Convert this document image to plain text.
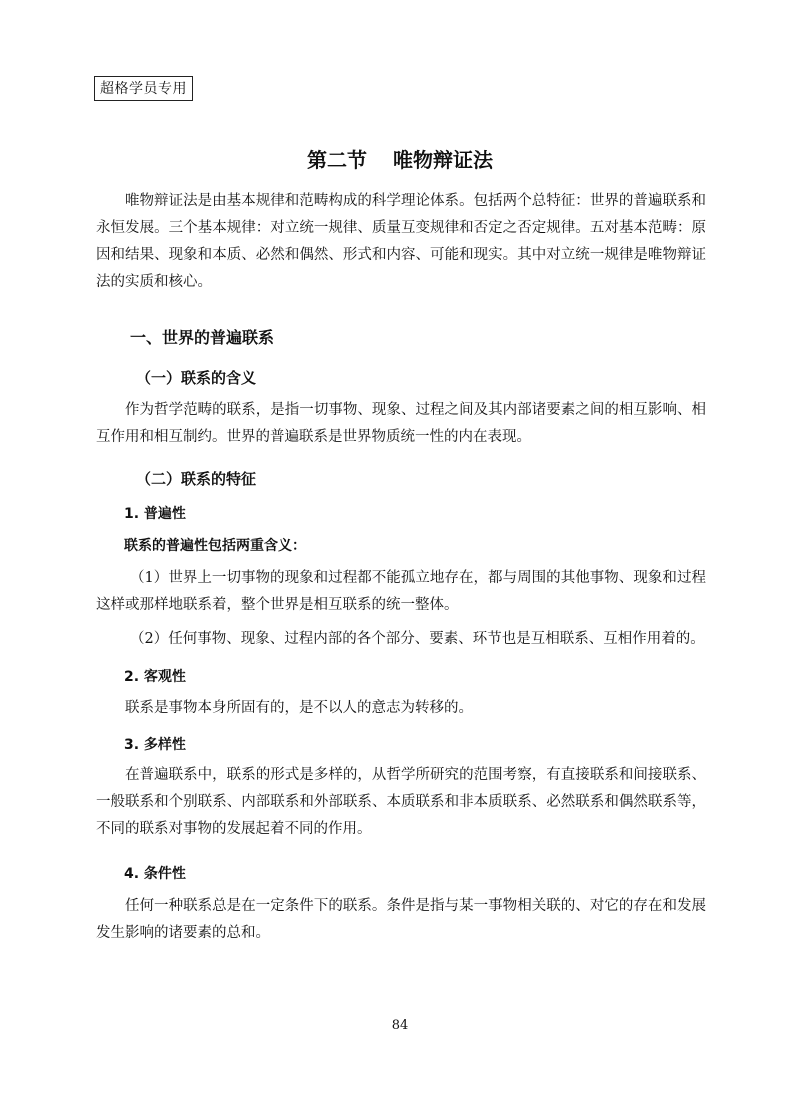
超格学员专用
第二节 唯物辩证法

唯物辩证法是由基本规律和范畴构成的科学理论体系。包括两个总特征：世界的普遍联系和永恒发展。三个基本规律：对立统一规律、质量互变规律和否定之否定规律。五对基本范畴：原因和结果、现象和本质、必然和偶然、形式和内容、可能和现实。其中对立统一规律是唯物辩证法的实质和核心。

一、世界的普遍联系
（一）联系的含义

作为哲学范畴的联系，是指一切事物、现象、过程之间及其内部诸要素之间的相互影响、相互作用和相互制约。世界的普遍联系是世界物质统一性的内在表现。

（二）联系的特征
1. 普遍性
联系的普遍性包括两重含义：

（1）世界上一切事物的现象和过程都不能孤立地存在，都与周围的其他事物、现象和过程这样或那样地联系着，整个世界是相互联系的统一整体。

（2）任何事物、现象、过程内部的各个部分、要素、环节也是互相联系、互相作用着的。

2. 客观性

联系是事物本身所固有的，是不以人的意志为转移的。

3. 多样性

在普遍联系中，联系的形式是多样的，从哲学所研究的范围考察，有直接联系和间接联系、一般联系和个别联系、内部联系和外部联系、本质联系和非本质联系、必然联系和偶然联系等，不同的联系对事物的发展起着不同的作用。

4. 条件性

任何一种联系总是在一定条件下的联系。条件是指与某一事物相关联的、对它的存在和发展发生影响的诸要素的总和。

84
